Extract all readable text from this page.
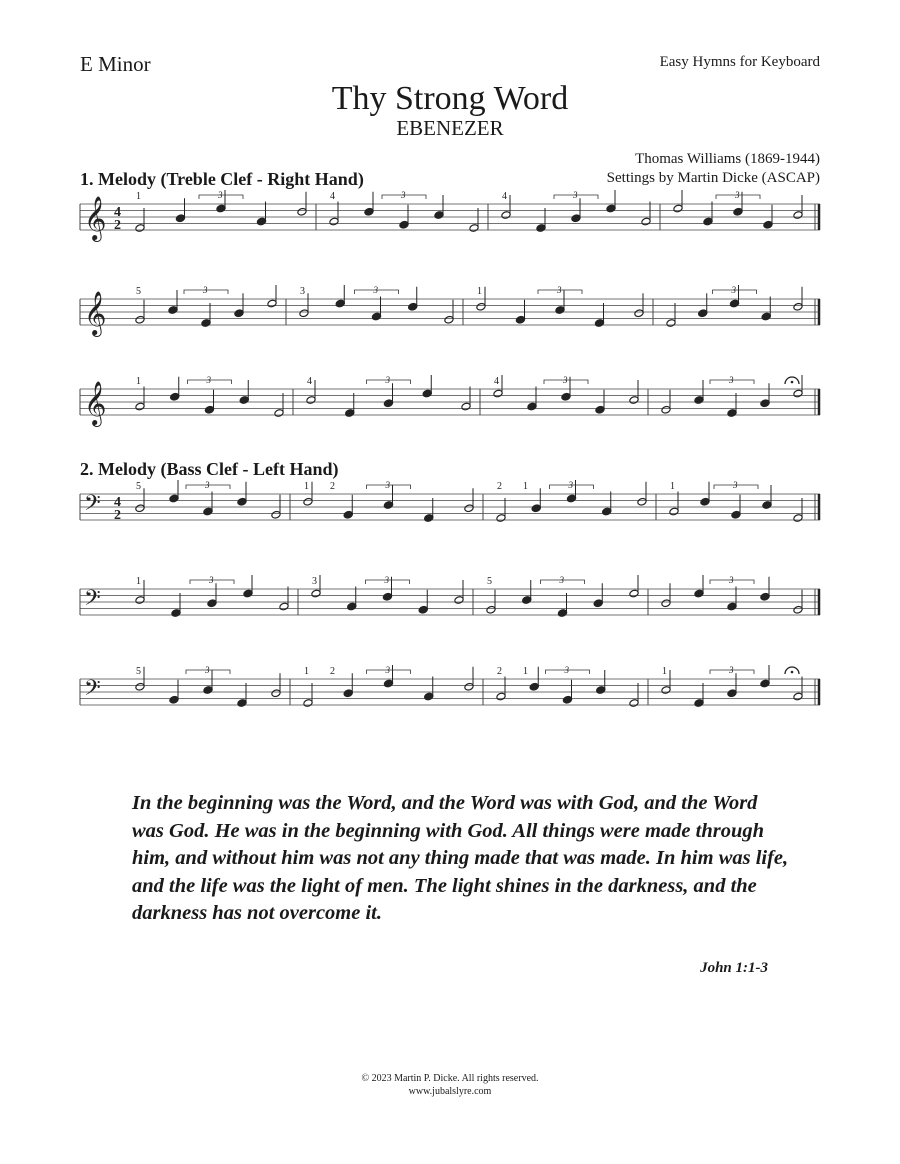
E Minor	Easy Hymns for Keyboard
Thy Strong Word
EBENEZER
Thomas Williams (1869-1944)
Settings by Martin Dicke (ASCAP)
1. Melody (Treble Clef - Right Hand)
2. Melody (Bass Clef - Left Hand)
𝄞 4
2
3
1	3
4	3
4	3
𝄞
3
5	3
3	3
1	3
𝄞
3
1	3
4	3
4	3
𝄢 4
2
3
5	3
1	3
2	3
1
2	1
𝄢
3
1	3
3	3
5	3
𝄢
3
5	3
1	3
2	3
1
2	1
In the beginning was the Word, and the Word was with God, and the Word was God. He was in the beginning with God. All things were made through him, and without him was not any thing made that was made. In him was life, and the life was the light of men. The light shines in the darkness, and the darkness has not overcome it.
John 1:1-3
© 2023 Martin P. Dicke. All rights reserved.
www.jubalslyre.com
